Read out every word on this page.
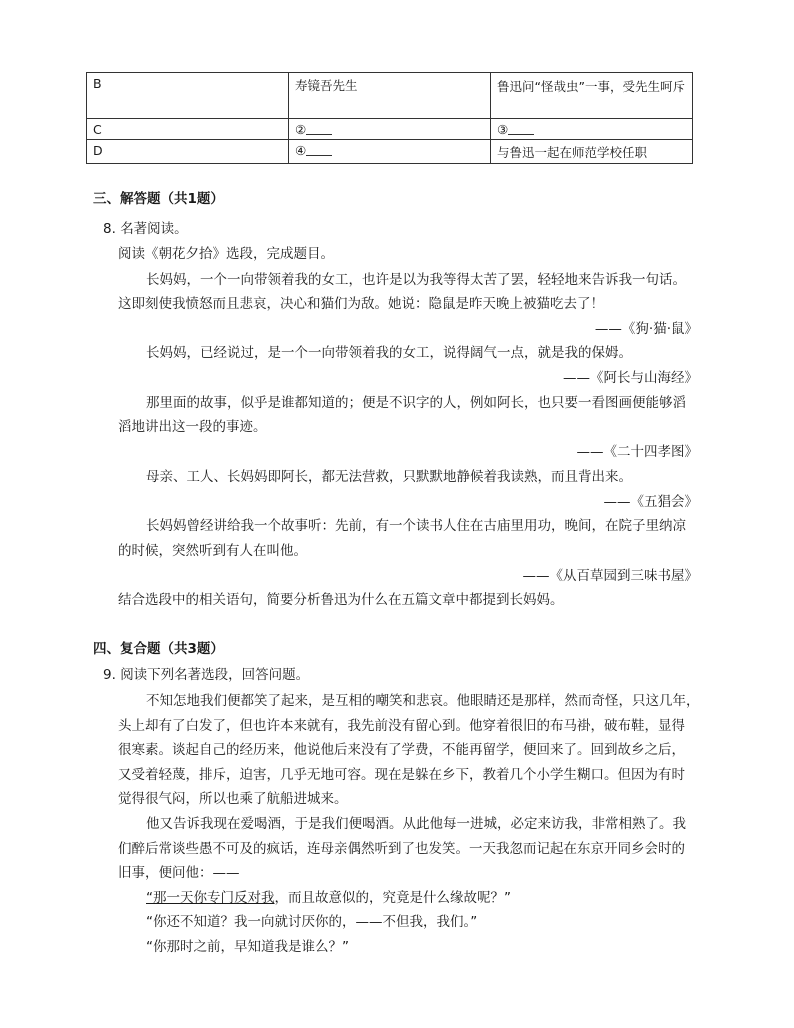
B	寿镜吾先生	鲁迅问“怪哉虫”一事，受先生呵斥
C	②	③
D	④	与鲁迅一起在师范学校任职
三、解答题（共1题）
8. 名著阅读。
阅读《朝花夕拾》选段，完成题目。
长妈妈，一个一向带领着我的女工，也许是以为我等得太苦了罢，轻轻地来告诉我一句话。
这即刻使我愤怒而且悲哀，决心和猫们为敌。她说：隐鼠是昨天晚上被猫吃去了！
——《狗·猫·鼠》
长妈妈，已经说过，是一个一向带领着我的女工，说得阔气一点，就是我的保姆。
——《阿长与山海经》
那里面的故事，似乎是谁都知道的；便是不识字的人，例如阿长，也只要一看图画便能够滔
滔地讲出这一段的事迹。
——《二十四孝图》
母亲、工人、长妈妈即阿长，都无法营救，只默默地静候着我读熟，而且背出来。
——《五猖会》
长妈妈曾经讲给我一个故事听：先前，有一个读书人住在古庙里用功，晚间，在院子里纳凉
的时候，突然听到有人在叫他。
——《从百草园到三味书屋》
结合选段中的相关语句，简要分析鲁迅为什么在五篇文章中都提到长妈妈。
四、复合题（共3题）
9. 阅读下列名著选段，回答问题。
不知怎地我们便都笑了起来，是互相的嘲笑和悲哀。他眼睛还是那样，然而奇怪，只这几年，
头上却有了白发了，但也许本来就有，我先前没有留心到。他穿着很旧的布马褂，破布鞋，显得
很寒素。谈起自己的经历来，他说他后来没有了学费，不能再留学，便回来了。回到故乡之后，
又受着轻蔑，排斥，迫害，几乎无地可容。现在是躲在乡下，教着几个小学生糊口。但因为有时
觉得很气闷，所以也乘了航船进城来。
他又告诉我现在爱喝酒，于是我们便喝酒。从此他每一进城，必定来访我，非常相熟了。我
们醉后常谈些愚不可及的疯话，连母亲偶然听到了也发笑。一天我忽而记起在东京开同乡会时的
旧事，便问他：——
“那一天你专门反对我，而且故意似的，究竟是什么缘故呢？”
“你还不知道？我一向就讨厌你的，——不但我，我们。”
“你那时之前，早知道我是谁么？”
